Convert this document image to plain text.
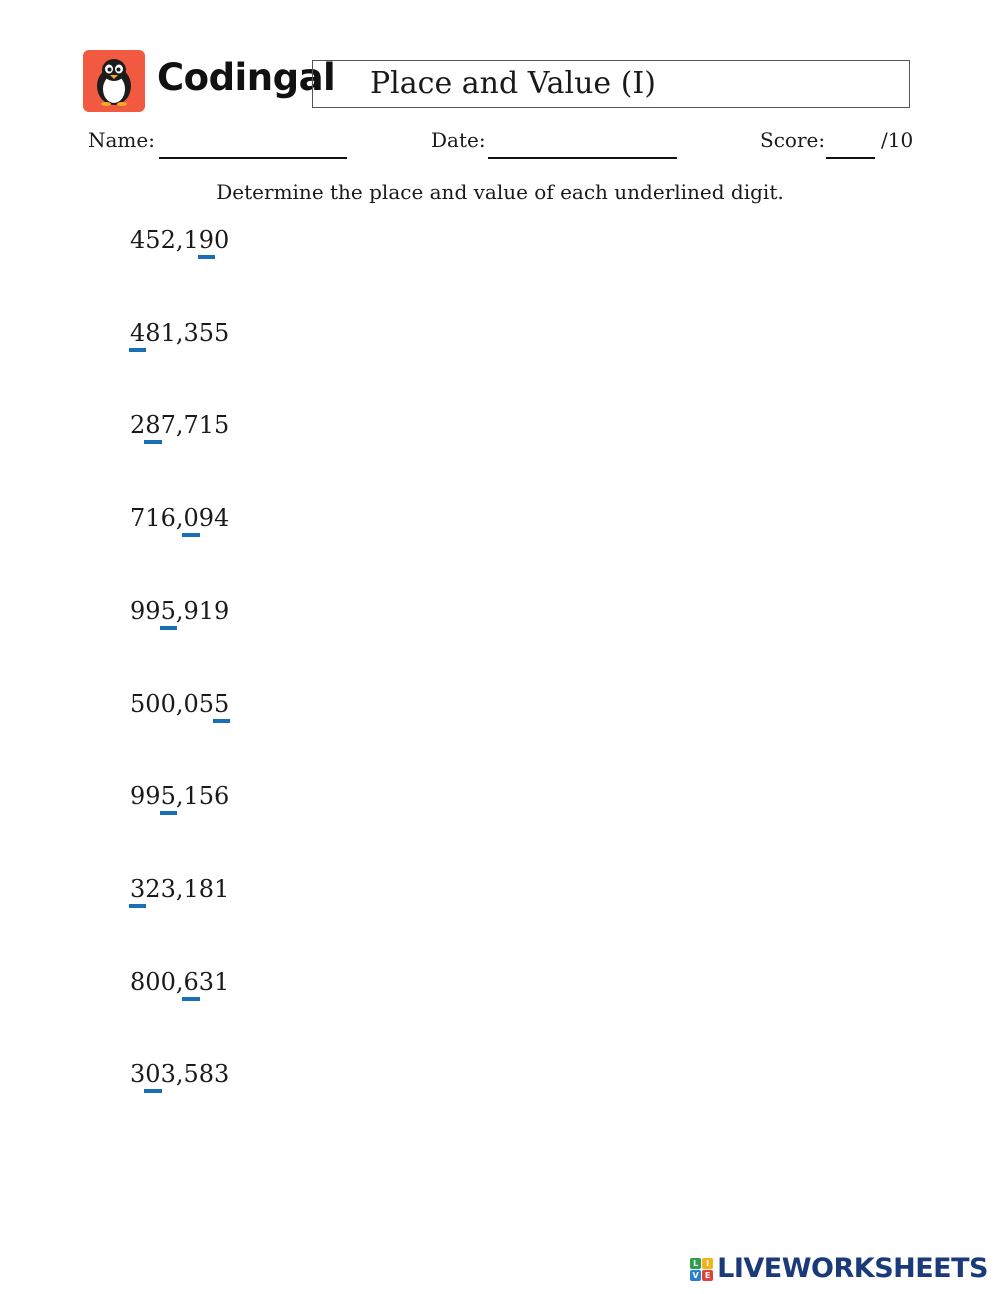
Codingal Place and Value (I)
Name:	Date:	Score:	/10
Determine the place and value of each underlined digit.
452,190
481,355
287,715
716,094
995,919
500,055
995,156
323,181
800,631
303,583
L I
V E LIVEWORKSHEETS
